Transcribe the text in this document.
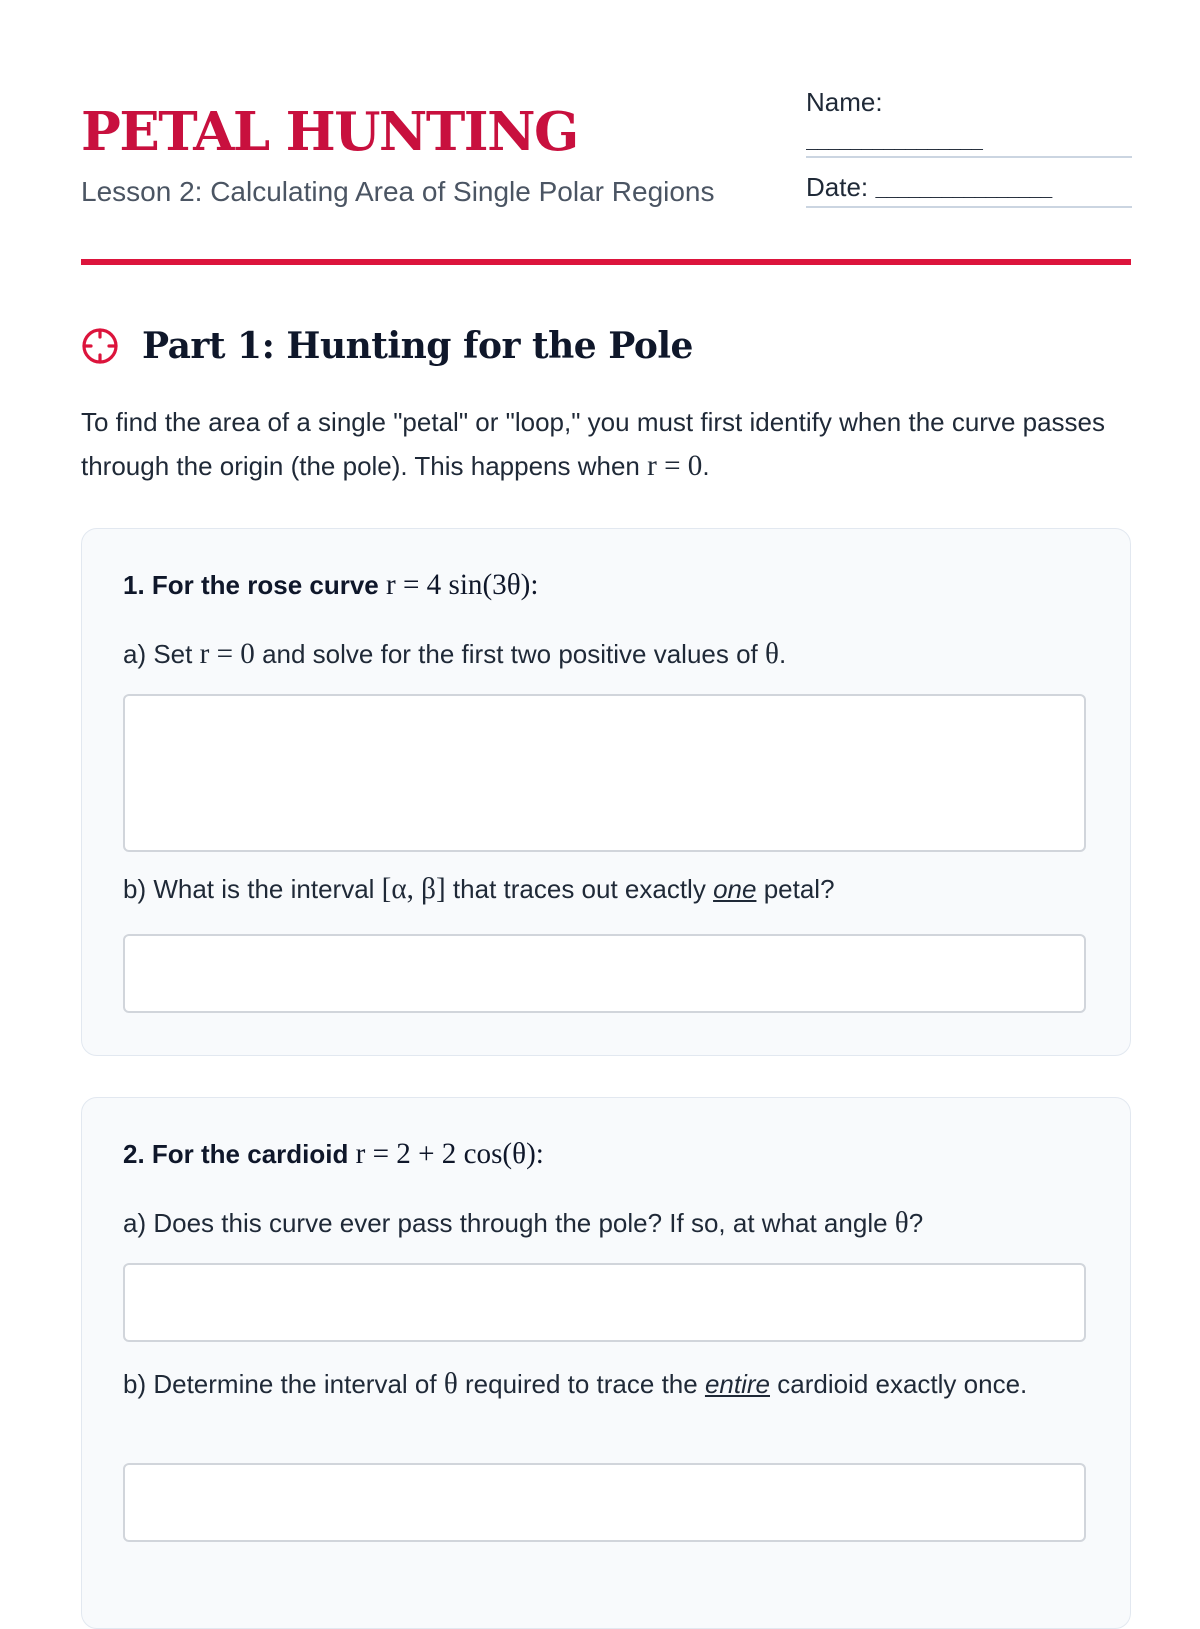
PETAL HUNTING
Lesson 2: Calculating Area of Single Polar Regions
Name:
________________
Date: ________________
Part 1: Hunting for the Pole

To find the area of a single "petal" or "loop," you must first identify when the curve passes through the origin (the pole). This happens when r = 0.

1. For the rose curve r = 4 sin(3θ):
a) Set r = 0 and solve for the first two positive values of θ.
b) What is the interval [α, β] that traces out exactly one petal?
2. For the cardioid r = 2 + 2 cos(θ):
a) Does this curve ever pass through the pole? If so, at what angle θ?
b) Determine the interval of θ required to trace the entire cardioid exactly once.
